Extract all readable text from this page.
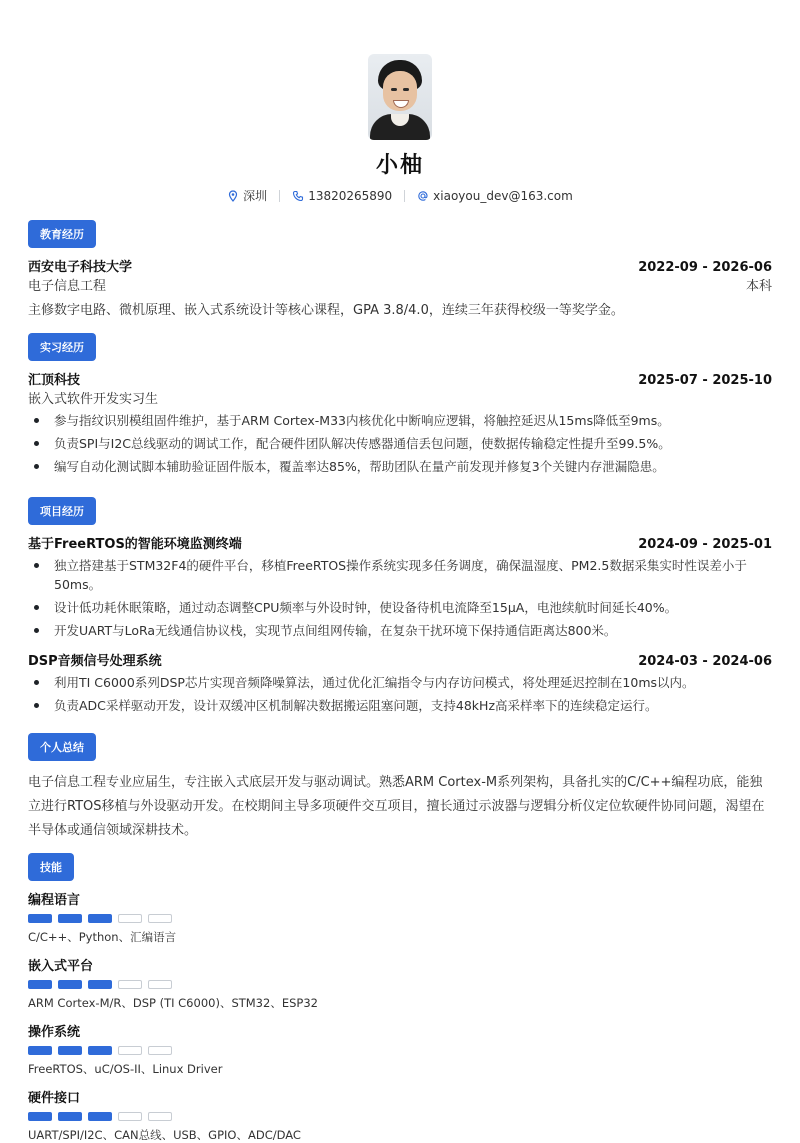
小柚
深圳	13820265890	xiaoyou_dev@163.com
教育经历
西安电子科技大学	2022-09 - 2026-06
电子信息工程	本科
主修数字电路、微机原理、嵌入式系统设计等核心课程，GPA 3.8/4.0，连续三年获得校级一等奖学金。
实习经历
汇顶科技	2025-07 - 2025-10
嵌入式软件开发实习生
参与指纹识别模组固件维护，基于ARM Cortex-M33内核优化中断响应逻辑，将触控延迟从15ms降低至9ms。
负责SPI与I2C总线驱动的调试工作，配合硬件团队解决传感器通信丢包问题，使数据传输稳定性提升至99.5%。
编写自动化测试脚本辅助验证固件版本，覆盖率达85%，帮助团队在量产前发现并修复3个关键内存泄漏隐患。
项目经历
基于FreeRTOS的智能环境监测终端	2024-09 - 2025-01
独立搭建基于STM32F4的硬件平台，移植FreeRTOS操作系统实现多任务调度，确保温湿度、PM2.5数据采集实时性误差小于50ms。
设计低功耗休眠策略，通过动态调整CPU频率与外设时钟，使设备待机电流降至15μA，电池续航时间延长40%。
开发UART与LoRa无线通信协议栈，实现节点间组网传输，在复杂干扰环境下保持通信距离达800米。
DSP音频信号处理系统	2024-03 - 2024-06
利用TI C6000系列DSP芯片实现音频降噪算法，通过优化汇编指令与内存访问模式，将处理延迟控制在10ms以内。
负责ADC采样驱动开发，设计双缓冲区机制解决数据搬运阻塞问题，支持48kHz高采样率下的连续稳定运行。
个人总结
电子信息工程专业应届生，专注嵌入式底层开发与驱动调试。熟悉ARM Cortex-M系列架构，具备扎实的C/C++编程功底，能独立进行RTOS移植与外设驱动开发。在校期间主导多项硬件交互项目，擅长通过示波器与逻辑分析仪定位软硬件协同问题，渴望在半导体或通信领域深耕技术。
技能
编程语言
C/C++、Python、汇编语言
嵌入式平台
ARM Cortex-M/R、DSP (TI C6000)、STM32、ESP32
操作系统
FreeRTOS、uC/OS-II、Linux Driver
硬件接口
UART/SPI/I2C、CAN总线、USB、GPIO、ADC/DAC
